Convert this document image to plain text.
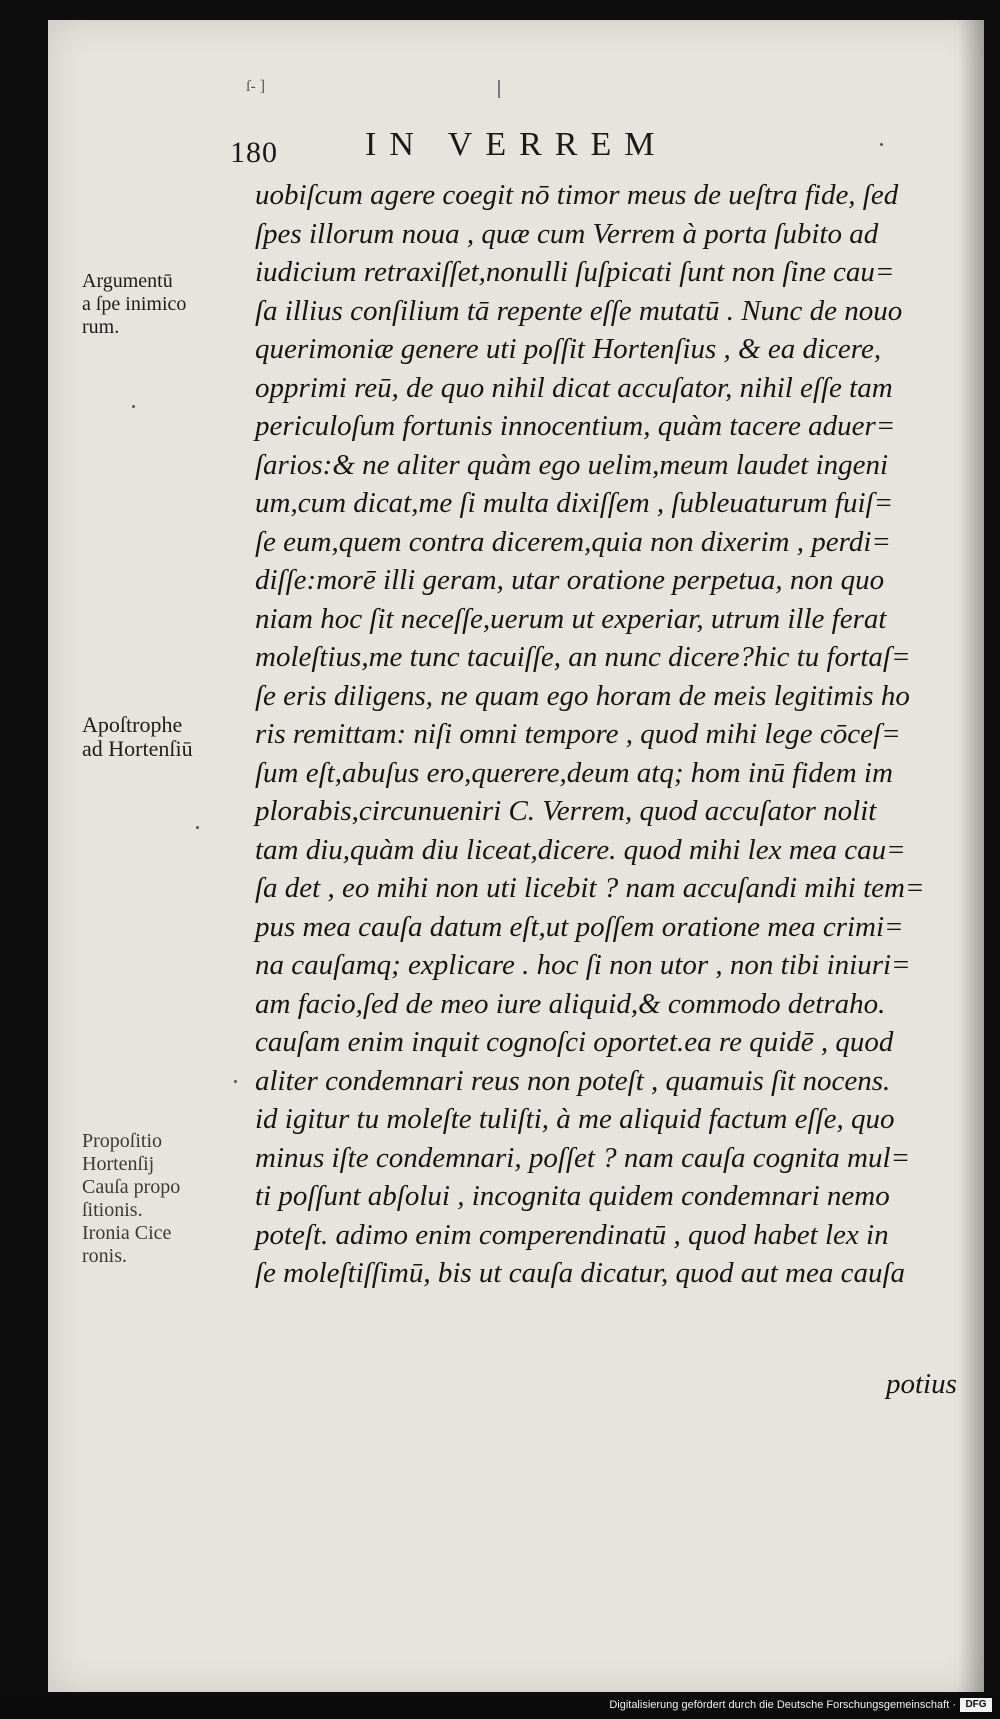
ſ- ]
180	IN VERREM
Argumentū
a ſpe inimico
rum.
Apoſtrophe
ad Hortenſiū
Propoſitio
Hortenſij
Cauſa propo
ſitionis.
Ironia Cice
ronis.
uobiſcum agere coegit nō timor meus de ueſtra fide, ſed
ſpes illorum noua , quæ cum Verrem à porta ſubito ad
iudicium retraxiſſet,nonulli ſuſpicati ſunt non ſine cau=
ſa illius conſilium tā repente eſſe mutatū . Nunc de nouo
querimoniæ genere uti poſſit Hortenſius , & ea dicere,
opprimi reū, de quo nihil dicat accuſator, nihil eſſe tam
periculoſum fortunis innocentium, quàm tacere aduer=
ſarios:& ne aliter quàm ego uelim,meum laudet ingeni
um,cum dicat,me ſi multa dixiſſem , ſubleuaturum fuiſ=
ſe eum,quem contra dicerem,quia non dixerim , perdi=
diſſe:morē illi geram, utar oratione perpetua, non quo
niam hoc ſit neceſſe,uerum ut experiar, utrum ille ferat
moleſtius,me tunc tacuiſſe, an nunc dicere?hic tu fortaſ=
ſe eris diligens, ne quam ego horam de meis legitimis ho
ris remittam: niſi omni tempore , quod mihi lege cōceſ=
ſum eſt,abuſus ero,querere,deum atq; hom inū fidem im
plorabis,circunueniri C. Verrem, quod accuſator nolit
tam diu,quàm diu liceat,dicere. quod mihi lex mea cau=
ſa det , eo mihi non uti licebit ? nam accuſandi mihi tem=
pus mea cauſa datum eſt,ut poſſem oratione mea crimi=
na cauſamq; explicare . hoc ſi non utor , non tibi iniuri=
am facio,ſed de meo iure aliquid,& commodo detraho.
cauſam enim inquit cognoſci oportet.ea re quidē , quod
aliter condemnari reus non poteſt , quamuis ſit nocens.
id igitur tu moleſte tuliſti, à me aliquid factum eſſe, quo
minus iſte condemnari, poſſet ? nam cauſa cognita mul=
ti poſſunt abſolui , incognita quidem condemnari nemo
poteſt. adimo enim comperendinatū , quod habet lex in
ſe moleſtiſſimū, bis ut cauſa dicatur, quod aut mea cauſa
potius
Digitalisierung gefördert durch die Deutsche Forschungsgemeinschaft · DFG
